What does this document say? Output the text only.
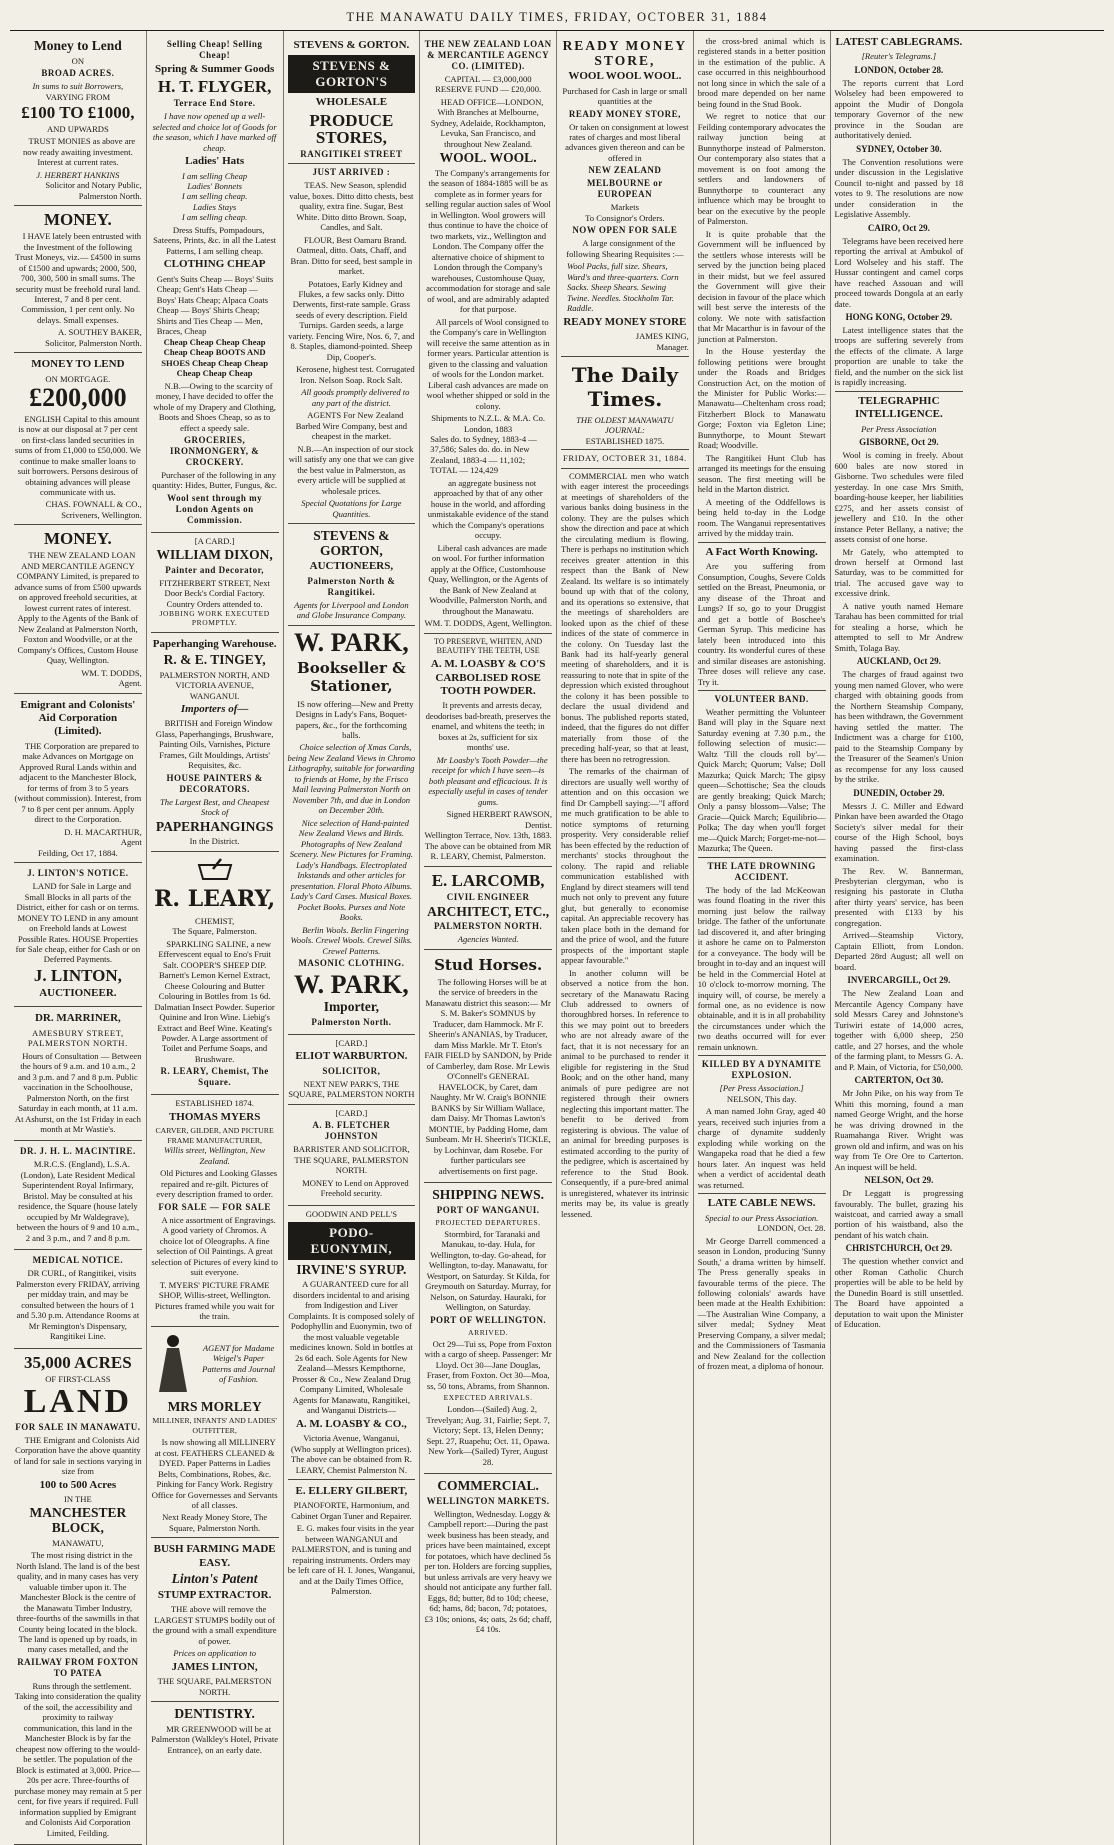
THE MANAWATU DAILY TIMES, FRIDAY, OCTOBER 31, 1884
Money to Lend
ON
BROAD ACRES.
In sums to suit Borrowers,
VARYING FROM
£100 TO £1000,
AND UPWARDS

TRUST MONIES as above are now ready awaiting investment. Interest at current rates.

J. HERBERT HANKINS
Solicitor and Notary Public, Palmerston North.
MONEY.

I HAVE lately been entrusted with the Investment of the following Trust Moneys, viz.— £4500 in sums of £1500 and upwards; 2000, 500, 700, 300, 500 in small sums. The security must be freehold rural land. Interest, 7 and 8 per cent. Commission, 1 per cent only. No delays. Small expenses.

A. SOUTHEY BAKER,
Solicitor, Palmerston North.
MONEY TO LEND
ON MORTGAGE.
£200,000

ENGLISH Capital to this amount is now at our disposal at 7 per cent on first-class landed securities in sums of from £1,000 to £50,000. We continue to make smaller loans to suit borrowers. Persons desirous of obtaining advances will please communicate with us.

CHAS. FOWNALL & CO.,
Scriveners, Wellington.
MONEY.

THE NEW ZEALAND LOAN AND MERCANTILE AGENCY COMPANY Limited, is prepared to advance sums of from £500 upwards on approved freehold securities, at lowest current rates of interest. Apply to the Agents of the Bank of New Zealand at Palmerston North, Foxton and Woodville, or at the Company's Offices, Custom House Quay, Wellington.

WM. T. DODDS,
Agent.
Emigrant and Colonists' Aid Corporation (Limited).

THE Corporation are prepared to make Advances on Mortgage on Approved Rural Lands within and adjacent to the Manchester Block, for terms of from 3 to 5 years (without commission). Interest, from 7 to 8 per cent per annum. Apply direct to the Corporation.

D. H. MACARTHUR,
Agent
Feilding, Oct 17, 1884.
J. LINTON'S NOTICE.

LAND for Sale in Large and Small Blocks in all parts of the District, either for cash or on terms. MONEY TO LEND in any amount on Freehold lands at Lowest Possible Rates. HOUSE Properties for Sale cheap, either for Cash or on Deferred Payments.

J. LINTON,
AUCTIONEER.
DR. MARRINER,
AMESBURY STREET, PALMERSTON NORTH.

Hours of Consultation — Between the hours of 9 a.m. and 10 a.m., 2 and 3 p.m. and 7 and 8 p.m. Public vaccination in the Schoolhouse, Palmerston North, on the first Saturday in each month, at 11 a.m. At Ashurst, on the 1st Friday in each month at Mr Wastie's.

DR. J. H. L. MACINTIRE.

M.R.C.S. (England), L.S.A. (London), Late Resident Medical Superintendent Royal Infirmary, Bristol. May be consulted at his residence, the Square (house lately occupied by Mr Waldegrave), between the hours of 9 and 10 a.m., 2 and 3 p.m., and 7 and 8 p.m.

MEDICAL NOTICE.

DR CURL, of Rangitikei, visits Palmerston every FRIDAY, arriving per midday train, and may be consulted between the hours of 1 and 5.30 p.m. Attendance Rooms at Mr Remington's Dispensary, Rangitikei Line.

35,000 ACRES
OF FIRST-CLASS
LAND
FOR SALE IN MANAWATU.

THE Emigrant and Colonists Aid Corporation have the above quantity of land for sale in sections varying in size from

100 to 500 Acres
IN THE
MANCHESTER BLOCK,
MANAWATU,

The most rising district in the North Island. The land is of the best quality, and in many cases has very valuable timber upon it. The Manchester Block is the centre of the Manawatu Timber Industry, three-fourths of the sawmills in that County being located in the block. The land is opened up by roads, in many cases metalled, and the

RAILWAY FROM FOXTON TO PATEA

Runs through the settlement. Taking into consideration the quality of the soil, the accessibility and proximity to railway communication, this land in the Manchester Block is by far the cheapest now offering to the would-be settler. The population of the Block is estimated at 3,000. Price—20s per acre. Three-fourths of purchase money may remain at 5 per cent, for five years if required. Full information supplied by Emigrant and Colonists Aid Corporation Limited, Feilding.

Selling Cheap! Selling Cheap!
Spring & Summer Goods
H. T. FLYGER,
Terrace End Store.
I have now opened up a well-selected and choice lot of Goods for the season, which I have marked off cheap.
Ladies' Hats
I am selling Cheap
Ladies' Bonnets
I am selling cheap.
Ladies Stays
I am selling cheap.

Dress Stuffs, Pompadours, Sateens, Prints, &c. in all the Latest Patterns, I am selling cheap.

CLOTHING CHEAP
Gent's Suits Cheap — Boys' Suits Cheap; Gent's Hats Cheap — Boys' Hats Cheap; Alpaca Coats Cheap — Boys' Shirts Cheap; Shirts and Ties Cheap — Men, Braces, Cheap
Cheap Cheap Cheap Cheap Cheap Cheap BOOTS AND SHOES Cheap Cheap Cheap Cheap Cheap Cheap

N.B.—Owing to the scarcity of money, I have decided to offer the whole of my Drapery and Clothing, Boots and Shoes Cheap, so as to effect a speedy sale.

GROCERIES, IRONMONGERY, & CROCKERY.

Purchaser of the following in any quantity: Hides, Butter, Fungus, &c.

Wool sent through my London Agents on Commission.
[A CARD.]
WILLIAM DIXON,
Painter and Decorator,
FITZHERBERT STREET, Next Door Beck's Cordial Factory.
Country Orders attended to.
JOBBING WORK EXECUTED PROMPTLY.
Paperhanging Warehouse.
R. & E. TINGEY,
PALMERSTON NORTH, AND VICTORIA AVENUE, WANGANUI.
Importers of—

BRITISH and Foreign Window Glass, Paperhangings, Brushware, Painting Oils, Varnishes, Picture Frames, Gilt Mouldings, Artists' Requisites, &c.

HOUSE PAINTERS & DECORATORS.
The Largest Best, and Cheapest Stock of
PAPERHANGINGS
In the District.
R. LEARY,
CHEMIST,
The Square, Palmerston.

SPARKLING SALINE, a new Effervescent equal to Eno's Fruit Salt. COOPER'S SHEEP DIP. Barnett's Lemon Kernel Extract, Cheese Colouring and Butter Colouring in Bottles from 1s 6d. Dalmatian Insect Powder. Superior Quinine and Iron Wine. Liebig's Extract and Beef Wine. Keating's Powder. A Large assortment of Toilet and Perfume Soaps, and Brushware.

R. LEARY, Chemist, The Square.
ESTABLISHED 1874.
THOMAS MYERS
CARVER, GILDER, AND PICTURE FRAME MANUFACTURER,
Willis street, Wellington, New Zealand.

Old Pictures and Looking Glasses repaired and re-gilt. Pictures of every description framed to order.

FOR SALE — FOR SALE

A nice assortment of Engravings. A good variety of Chromos. A choice lot of Oleographs. A fine selection of Oil Paintings. A great selection of Pictures of every kind to suit everyone.

T. MYERS' PICTURE FRAME SHOP, Willis-street, Wellington.
Pictures framed while you wait for the train.
AGENT for Madame Weigel's Paper Patterns and Journal of Fashion.
MRS MORLEY
MILLINER, INFANTS' AND LADIES' OUTFITTER,

Is now showing all MILLINERY at cost. FEATHERS CLEANED & DYED. Paper Patterns in Ladies Belts, Combinations, Robes, &c. Pinking for Fancy Work. Registry Office for Governesses and Servants of all classes.

Next Ready Money Store, The Square, Palmerston North.
BUSH FARMING MADE EASY.
Linton's Patent
STUMP EXTRACTOR.

THE above will remove the LARGEST STUMPS bodily out of the ground with a small expenditure of power.

Prices on application to
JAMES LINTON,
THE SQUARE, PALMERSTON NORTH.
DENTISTRY.

MR GREENWOOD will be at Palmerston (Walkley's Hotel, Private Entrance), on an early date.

STEVENS & GORTON.
STEVENS & GORTON'S
WHOLESALE
PRODUCE STORES,
RANGITIKEI STREET
JUST ARRIVED :

TEAS. New Season, splendid value, boxes. Ditto ditto chests, best quality, extra fine. Sugar, Best White. Ditto ditto Brown. Soap, Candles, and Salt.

FLOUR, Best Oamaru Brand. Oatmeal, ditto. Oats, Chaff, and Bran. Ditto for seed, best sample in market.

Potatoes, Early Kidney and Flukes, a few sacks only. Ditto Derwents, first-rate sample. Grass seeds of every description. Field Turnips. Garden seeds, a large variety. Fencing Wire, Nos. 6, 7, and 8. Staples, diamond-pointed. Sheep Dip, Cooper's.

Kerosene, highest test. Corrugated Iron. Nelson Soap. Rock Salt.

All goods promptly delivered to any part of the district.

AGENTS For New Zealand Barbed Wire Company, best and cheapest in the market.

N.B.—An inspection of our stock will satisfy any one that we can give the best value in Palmerston, as every article will be supplied at wholesale prices.

Special Quotations for Large Quantities.
STEVENS & GORTON,
AUCTIONEERS,
Palmerston North & Rangitikei.
Agents for Liverpool and London and Globe Insurance Company.
W. PARK,
Bookseller & Stationer,

IS now offering—New and Pretty Designs in Lady's Fans, Boquet-papers, &c., for the forthcoming balls.

Choice selection of Xmas Cards, being New Zealand Views in Chromo Lithography, suitable for forwarding to friends at Home, by the Frisco Mail leaving Palmerston North on November 7th, and due in London on December 20th.

Nice selection of Hand-painted New Zealand Views and Birds. Photographs of New Zealand Scenery. New Pictures for Framing. Lady's Handbags. Electroplated Inkstands and other articles for presentation. Floral Photo Albums. Lady's Card Cases. Musical Boxes. Pocket Books. Purses and Note Books.

Berlin Wools. Berlin Fingering Wools. Crewel Wools. Crewel Silks. Crewel Patterns.

MASONIC CLOTHING.
W. PARK,
Importer,
Palmerston North.
[CARD.]
ELIOT WARBURTON.
SOLICITOR,
NEXT NEW PARK'S, THE SQUARE, PALMERSTON NORTH
[CARD.]
A. B. FLETCHER JOHNSTON
BARRISTER AND SOLICITOR,
THE SQUARE, PALMERSTON NORTH.

MONEY to Lend on Approved Freehold security.

GOODWIN AND PELL'S
PODO-EUONYMIN,
IRVINE'S SYRUP.

A GUARANTEED cure for all disorders incidental to and arising from Indigestion and Liver Complaints. It is composed solely of Podophyllin and Euonymin, two of the most valuable vegetable medicines known. Sold in bottles at 2s 6d each. Sole Agents for New Zealand—Messrs Kempthorne, Prosser & Co., New Zealand Drug Company Limited, Wholesale Agents for Manawatu, Rangitikei, and Wanganui Districts—

A. M. LOASBY & CO.,
Victoria Avenue, Wanganui,
(Who supply at Wellington prices). The above can be obtained from R. LEARY, Chemist Palmerston N.
E. ELLERY GILBERT,
PIANOFORTE, Harmonium, and Cabinet Organ Tuner and Repairer.

E. G. makes four visits in the year between WANGANUI and PALMERSTON, and is tuning and repairing instruments. Orders may be left care of H. I. Jones, Wanganui, and at the Daily Times Office, Palmerston.

THE NEW ZEALAND LOAN & MERCANTILE AGENCY CO. (LIMITED).
CAPITAL — £3,000,000
RESERVE FUND — £20,000.

HEAD OFFICE—LONDON, With Branches at Melbourne, Sydney, Adelaide, Rockhampton, Levuka, San Francisco, and throughout New Zealand.

WOOL. WOOL.

The Company's arrangements for the season of 1884-1885 will be as complete as in former years for selling regular auction sales of Wool in Wellington. Wool growers will thus continue to have the choice of two markets, viz., Wellington and London. The Company offer the alternative choice of shipment to London through the Company's warehouses, Customhouse Quay, accommodation for storage and sale of wool, and are admirably adapted for that purpose.

All parcels of Wool consigned to the Company's care in Wellington will receive the same attention as in former years. Particular attention is given to the classing and valuation of wools for the London market. Liberal cash advances are made on wool whether shipped or sold in the colony.

Shipments to N.Z.L. & M.A. Co. London, 1883
Sales do. to Sydney, 1883-4 — 37,586; Sales do. do. in New Zealand, 1883-4 — 11,102; TOTAL — 124,429

an aggregate business not approached by that of any other house in the world, and affording unmistakable evidence of the stand which the Company's operations occupy.

Liberal cash advances are made on wool. For further information apply at the Office, Customhouse Quay, Wellington, or the Agents of the Bank of New Zealand at Woodville, Palmerston North, and throughout the Manawatu.

WM. T. DODDS, Agent, Wellington.
TO PRESERVE, WHITEN, AND BEAUTIFY THE TEETH, USE
A. M. LOASBY & CO'S CARBOLISED ROSE TOOTH POWDER.

It prevents and arrests decay, deodorises bad-breath, preserves the enamel, and whitens the teeth; in boxes at 2s, sufficient for six months' use.

Mr Loasby's Tooth Powder—the receipt for which I have seen—is both pleasant and efficacious. It is especially useful in cases of tender gums.

Signed HERBERT RAWSON, Dentist.
Wellington Terrace, Nov. 13th, 1883.
The above can be obtained from MR R. LEARY, Chemist, Palmerston.
E. LARCOMB,
CIVIL ENGINEER
ARCHITECT, ETC.,
PALMERSTON NORTH.
Agencies Wanted.
Stud Horses.

The following Horses will be at the service of breeders in the Manawatu district this season:— Mr S. M. Baker's SOMNUS by Traducer, dam Hammock. Mr F. Sheerin's ANANIAS, by Traducer, dam Miss Markle. Mr T. Eton's FAIR FIELD by SANDON, by Pride of Camberley, dam Rose. Mr Lewis O'Connell's GENERAL HAVELOCK, by Caret, dam Naughty. Mr W. Craig's BONNIE BANKS by Sir William Wallace, dam Daisy. Mr Thomas Lawton's MONTIE, by Padding Home, dam Sunbeam. Mr H. Sheerin's TICKLE, by Lochinvar, dam Rosebe. For further particulars see advertisements on first page.

SHIPPING NEWS.
PORT OF WANGANUI.
PROJECTED DEPARTURES.

Stormbird, for Taranaki and Manukau, to-day. Hula, for Wellington, to-day. Go-ahead, for Wellington, to-day. Manawatu, for Westport, on Saturday. St Kilda, for Greymouth on Saturday. Murray, for Nelson, on Saturday. Hauraki, for Wellington, on Saturday.

PORT OF WELLINGTON.
ARRIVED.

Oct 29—Tui ss, Pope from Foxton with a cargo of sheep. Passenger: Mr Lloyd. Oct 30—Jane Douglas, Fraser, from Foxton. Oct 30—Moa, ss, 50 tons, Abrams, from Shannon.

EXPECTED ARRIVALS.

London—(Sailed) Aug. 2, Trevelyan; Aug. 31, Fairlie; Sept. 7, Victory; Sept. 13, Helen Denny; Sept. 27, Ruapehu; Oct. 11, Opawa. New York—(Sailed) Tyrer, August 28.

COMMERCIAL.
WELLINGTON MARKETS.

Wellington, Wednesday. Loggy & Campbell report:—During the past week business has been steady, and prices have been maintained, except for potatoes, which have declined 5s per ton. Holders are forcing supplies, but unless arrivals are very heavy we should not anticipate any further fall. Eggs, 8d; butter, 8d to 10d; cheese, 6d; hams, 8d; bacon, 7d; potatoes, £3 10s; onions, 4s; oats, 2s 6d; chaff, £4 10s.

READY MONEY STORE,
WOOL WOOL WOOL.
Purchased for Cash in large or small quantities at the
READY MONEY STORE,

Or taken on consignment at lowest rates of charges and most liberal advances given thereon and can be offered in

NEW ZEALAND
MELBOURNE or EUROPEAN
Markets
To Consignor's Orders.
NOW OPEN FOR SALE

A large consignment of the following Shearing Requisites :—

Wool Packs, full size. Shears, Ward's and three-quarters. Corn Sacks. Sheep Shears. Sewing Twine. Needles. Stockholm Tar. Raddle.
READY MONEY STORE
JAMES KING,
Manager.
The Daily Times.
THE OLDEST MANAWATU JOURNAL:
ESTABLISHED 1875.
FRIDAY, OCTOBER 31, 1884.

COMMERCIAL men who watch with eager interest the proceedings at meetings of shareholders of the various banks doing business in the colony. They are the pulses which show the direction and pace at which the circulating medium is flowing. There is perhaps no institution which receives greater attention in this respect than the Bank of New Zealand. Its welfare is so intimately bound up with that of the colony, and its operations so extensive, that the meetings of shareholders are looked upon as the chief of these indices of the state of commerce in the colony. On Tuesday last the Bank had its half-yearly general meeting of shareholders, and it is reassuring to note that in spite of the depression which existed throughout the colony it has been possible to declare the usual dividend and bonus. The published reports stated, indeed, that the figures do not differ materially from those of the preceding half-year, so that at least, there has been no retrogression.

The remarks of the chairman of directors are usually well worthy of attention and on this occasion we find Dr Campbell saying:—"I afford me much gratification to be able to notice symptoms of returning prosperity. Very considerable relief has been effected by the reduction of merchants' stocks throughout the colony. The rapid and reliable communication established with England by direct steamers will tend much not only to prevent any future glut, but generally to economise capital. An appreciable recovery has taken place both in the demand for and the price of wool, and the future prospects of the important staple appear favourable."

In another column will be observed a notice from the hon. secretary of the Manawatu Racing Club addressed to owners of thoroughbred horses. In reference to this we may point out to breeders who are not already aware of the fact, that it is not necessary for an animal to be purchased to render it eligible for registering in the Stud Book; and on the other hand, many animals of pure pedigree are not registered through their owners neglecting this important matter. The benefit to be derived from registering is obvious. The value of an animal for breeding purposes is estimated according to the purity of the pedigree, which is ascertained by reference to the Stud Book. Consequently, if a pure-bred animal is unregistered, whatever its intrinsic merits may be, its value is greatly lessened.

the cross-bred animal which is registered stands in a better position in the estimation of the public. A case occurred in this neighbourhood not long since in which the sale of a brood mare depended on her name being found in the Stud Book.

We regret to notice that our Feilding contemporary advocates the railway junction being at Bunnythorpe instead of Palmerston. Our contemporary also states that a movement is on foot among the settlers and landowners of Bunnythorpe to counteract any influence which may be brought to bear on the executive by the people of Palmerston.

It is quite probable that the Government will be influenced by the settlers whose interests will be served by the junction being placed in their midst, but we feel assured the Government will give their decision in favour of the place which will best serve the interests of the colony. We note with satisfaction that Mr Macarthur is in favour of the junction at Palmerston.

In the House yesterday the following petitions were brought under the Roads and Bridges Construction Act, on the motion of the Minister for Public Works:—Manawatu—Cheltenham cross road; Fitzherbert Block to Manawatu Gorge; Foxton via Egleton Line; Bunnythorpe, to Mount Stewart Road; Woodville.

The Rangitikei Hunt Club has arranged its meetings for the ensuing season. The first meeting will be held in the Marton district.

A meeting of the Oddfellows is being held to-day in the Lodge room. The Wanganui representatives arrived by the midday train.

A Fact Worth Knowing.

Are you suffering from Consumption, Coughs, Severe Colds settled on the Breast, Pneumonia, or any disease of the Throat and Lungs? If so, go to your Druggist and get a bottle of Boschee's German Syrup. This medicine has lately been introduced into this country. Its wonderful cures of these and similar diseases are astonishing. Three doses will relieve any case. Try it.

VOLUNTEER BAND.

Weather permitting the Volunteer Band will play in the Square next Saturday evening at 7.30 p.m., the following selection of music:—Waltz 'Till the clouds roll by'—Quick March; Quorum; Valse; Doll Mazurka; Quick March; The gipsy queen—Schottische; Sea the clouds are gently breaking; Quick March; Only a pansy blossom—Valse; The Gracie—Quick March; Equilibrio—Polka; The day when you'll forget me—Quick March; Forget-me-not—Mazurka; The Queen.

THE LATE DROWNING ACCIDENT.

The body of the lad McKeowan was found floating in the river this morning just below the railway bridge. The father of the unfortunate lad discovered it, and after bringing it ashore he came on to Palmerston for a conveyance. The body will be brought in to-day and an inquest will be held in the Commercial Hotel at 10 o'clock to-morrow morning. The inquiry will, of course, be merely a formal one, as no evidence is now obtainable, and it is in all probability the circumstances under which the two deaths occurred will for ever remain unknown.

KILLED BY A DYNAMITE EXPLOSION.
[Per Press Association.]
NELSON, This day.

A man named John Gray, aged 40 years, received such injuries from a charge of dynamite suddenly exploding while working on the Wangapeka road that he died a few hours later. An inquest was held when a verdict of accidental death was returned.

LATE CABLE NEWS.
Special to our Press Association.
LONDON, Oct. 28.

Mr George Darrell commenced a season in London, producing 'Sunny South,' a drama written by himself. The Press generally speaks in favourable terms of the piece. The following colonials' awards have been made at the Health Exhibition:—The Australian Wine Company, a silver medal; Sydney Meat Preserving Company, a silver medal; and the Commissioners of Tasmania and New Zealand for the collection of frozen meat, a diploma of honour.

LATEST CABLEGRAMS.
[Reuter's Telegrams.]
LONDON, October 28.

The reports current that Lord Wolseley had been empowered to appoint the Mudir of Dongola temporary Governor of the new province in the Soudan are authoritatively denied.

SYDNEY, October 30.

The Convention resolutions were under discussion in the Legislative Council to-night and passed by 18 votes to 9. The resolutions are now under consideration in the Legislative Assembly.

CAIRO, Oct 29.

Telegrams have been received here reporting the arrival at Ambukol of Lord Wolseley and his staff. The Hussar contingent and camel corps have reached Assouan and will proceed towards Dongola at an early date.

HONG KONG, October 29.

Latest intelligence states that the troops are suffering severely from the effects of the climate. A large proportion are unable to take the field, and the number on the sick list is rapidly increasing.

TELEGRAPHIC INTELLIGENCE.
Per Press Association
GISBORNE, Oct 29.

Wool is coming in freely. About 600 bales are now stored in Gisborne. Two schedules were filed yesterday. In one case Mrs Smith, boarding-house keeper, her liabilities £275, and her assets consist of jewellery and £10. In the other instance Peter Bellany, a native; the assets consist of one horse.

Mr Gately, who attempted to drown herself at Ormond last Saturday, was to be committed for trial. The accused gave way to excessive drink.

A native youth named Hemare Tarahau has been committed for trial for stealing a horse, which he attempted to sell to Mr Andrew Smith, Tolaga Bay.

AUCKLAND, Oct 29.

The charges of fraud against two young men named Glover, who were charged with obtaining goods from the Northern Steamship Company, has been withdrawn, the Government having settled the matter. The Indictment was a charge for £100, paid to the Steamship Company by the Treasurer of the Seamen's Union as recompense for any loss caused by the strike.

DUNEDIN, October 29.

Messrs J. C. Miller and Edward Pinkan have been awarded the Otago Society's silver medal for their course of the High School, boys having passed the first-class examination.

The Rev. W. Bannerman, Presbyterian clergyman, who is resigning his pastorate in Clutha after thirty years' service, has been presented with £133 by his congregation.

Arrived—Steamship Victory, Captain Elliott, from London. Departed 28rd August; all well on board.

INVERCARGILL, Oct 29.

The New Zealand Loan and Mercantile Agency Company have sold Messrs Carey and Johnstone's Turiwiri estate of 14,000 acres, together with 6,000 sheep, 250 cattle, and 27 horses, and the whole of the farming plant, to Messrs G. A. and P. Main, of Victoria, for £50,000.

CARTERTON, Oct 30.

Mr John Pike, on his way from Te Whiti this morning, found a man named George Wright, and the horse he was driving drowned in the Ruamahanga River. Wright was grown old and infirm, and was on his way from Te Ore Ore to Carterton. An inquest will be held.

NELSON, Oct 29.

Dr Leggatt is progressing favourably. The bullet, grazing his waistcoat, and carried away a small portion of his waistband, also the pendant of his watch chain.

CHRISTCHURCH, Oct 29.

The question whether convict and other Roman Catholic Church properties will be able to be held by the Dunedin Board is still unsettled. The Board have appointed a deputation to wait upon the Minister of Education.
